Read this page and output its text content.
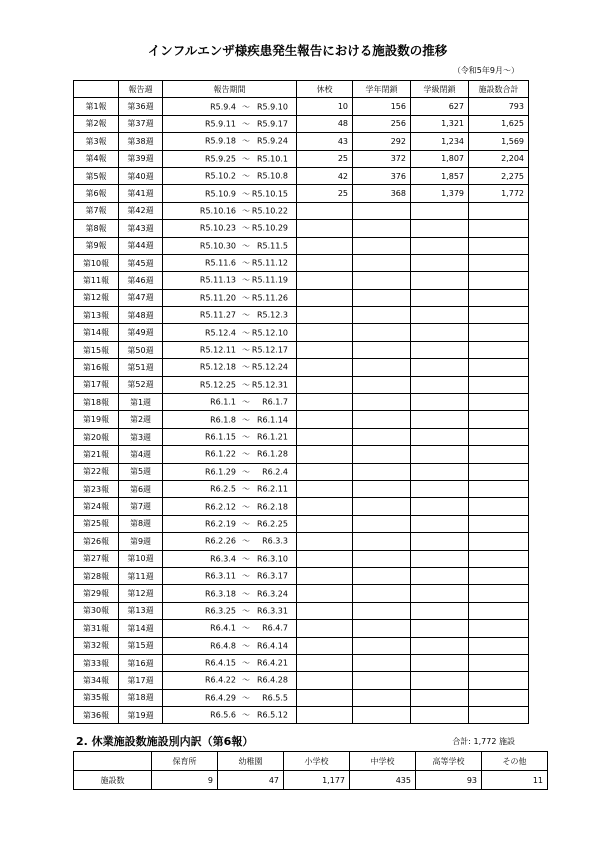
インフルエンザ様疾患発生報告における施設数の推移
（令和5年9月～）
	報告週	報告期間	休校	学年閉鎖	学級閉鎖	施設数合計
第1報	第36週	R5.9.4 ～ R5.9.10	10	156	627	793
第2報	第37週	R5.9.11 ～ R5.9.17	48	256	1,321	1,625
第3報	第38週	R5.9.18 ～ R5.9.24	43	292	1,234	1,569
第4報	第39週	R5.9.25 ～ R5.10.1	25	372	1,807	2,204
第5報	第40週	R5.10.2 ～ R5.10.8	42	376	1,857	2,275
第6報	第41週	R5.10.9 ～ R5.10.15	25	368	1,379	1,772
第7報	第42週	R5.10.16 ～ R5.10.22				

第8報	第43週	R5.10.23 ～ R5.10.29				

第9報	第44週	R5.10.30 ～ R5.11.5				

第10報	第45週	R5.11.6 ～ R5.11.12				

第11報	第46週	R5.11.13 ～ R5.11.19				

第12報	第47週	R5.11.20 ～ R5.11.26				

第13報	第48週	R5.11.27 ～ R5.12.3				

第14報	第49週	R5.12.4 ～ R5.12.10				

第15報	第50週	R5.12.11 ～ R5.12.17				

第16報	第51週	R5.12.18 ～ R5.12.24				

第17報	第52週	R5.12.25 ～ R5.12.31				

第18報	第1週	R6.1.1 ～ R6.1.7				

第19報	第2週	R6.1.8 ～ R6.1.14				

第20報	第3週	R6.1.15 ～ R6.1.21				

第21報	第4週	R6.1.22 ～ R6.1.28				

第22報	第5週	R6.1.29 ～ R6.2.4				

第23報	第6週	R6.2.5 ～ R6.2.11				

第24報	第7週	R6.2.12 ～ R6.2.18				

第25報	第8週	R6.2.19 ～ R6.2.25				

第26報	第9週	R6.2.26 ～ R6.3.3				

第27報	第10週	R6.3.4 ～ R6.3.10				

第28報	第11週	R6.3.11 ～ R6.3.17				

第29報	第12週	R6.3.18 ～ R6.3.24				

第30報	第13週	R6.3.25 ～ R6.3.31				

第31報	第14週	R6.4.1 ～ R6.4.7				

第32報	第15週	R6.4.8 ～ R6.4.14				

第33報	第16週	R6.4.15 ～ R6.4.21				

第34報	第17週	R6.4.22 ～ R6.4.28				

第35報	第18週	R6.4.29 ～ R6.5.5				

第36報	第19週	R6.5.6 ～ R6.5.12				

2. 休業施設数施設別内訳（第6報）	合計: 1,772 施設
	保育所	幼稚園	小学校	中学校	高等学校	その他
施設数	9	47	1,177	435	93	11
